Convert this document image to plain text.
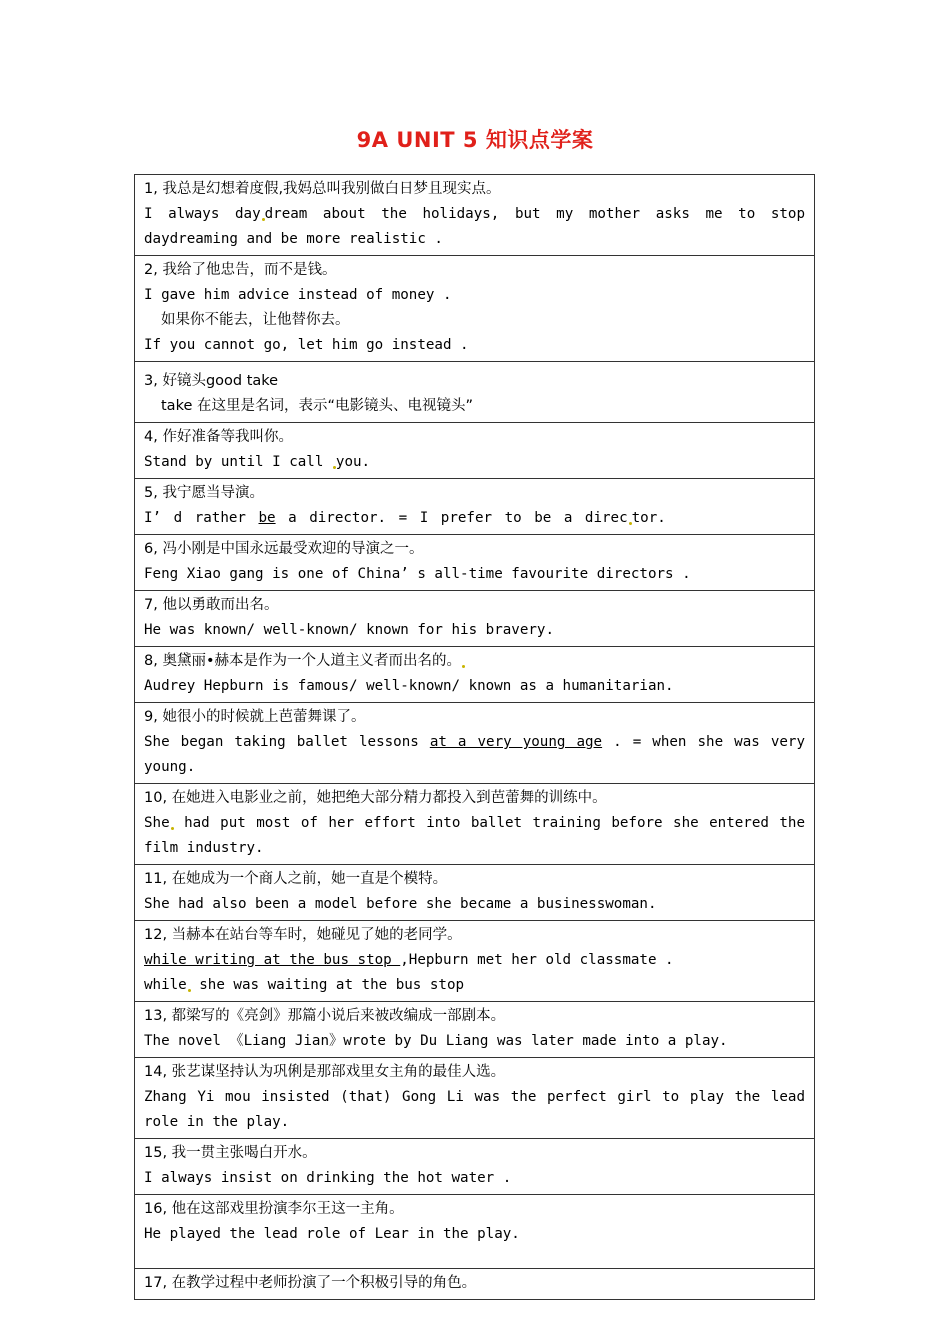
9A UNIT 5 知识点学案
1, 我总是幻想着度假,我妈总叫我别做白日梦且现实点。
I always day dream about the holidays, but my mother asks me to stop daydreaming and be more realistic .

2, 我给了他忠告，而不是钱。
I gave him advice instead of money .
如果你不能去，让他替你去。
If you cannot go, let him go instead .

3, 好镜头good take
take 在这里是名词，表示“电影镜头、电视镜头”

4, 作好准备等我叫你。
Stand by until I call you.

5, 我宁愿当导演。
I’ d rather be a director. = I prefer to be a direc tor.

6, 冯小刚是中国永远最受欢迎的导演之一。
Feng Xiao gang is one of China’ s all-time favourite directors .

7, 他以勇敢而出名。
He was known/ well-known/ known for his bravery.

8, 奥黛丽•赫本是作为一个人道主义者而出名的。
Audrey Hepburn is famous/ well-known/ known as a humanitarian.

9, 她很小的时候就上芭蕾舞课了。
She began taking ballet lessons at a very young age . = when she was very young.

10, 在她进入电影业之前，她把绝大部分精力都投入到芭蕾舞的训练中。
She had put most of her effort into ballet training before she entered the film industry.

11, 在她成为一个商人之前，她一直是个模特。
She had also been a model before she became a businesswoman.

12, 当赫本在站台等车时，她碰见了她的老同学。
while writing at the bus stop ,Hepburn met her old classmate .
while she was waiting at the bus stop

13, 都梁写的《亮剑》那篇小说后来被改编成一部剧本。
The novel 《Liang Jian》wrote by Du Liang was later made into a play.

14, 张艺谋坚持认为巩俐是那部戏里女主角的最佳人选。
Zhang Yi mou insisted (that) Gong Li was the perfect girl to play the lead role in the play.

15, 我一贯主张喝白开水。
I always insist on drinking the hot water .

16, 他在这部戏里扮演李尔王这一主角。
He played the lead role of Lear in the play.

17, 在教学过程中老师扮演了一个积极引导的角色。
